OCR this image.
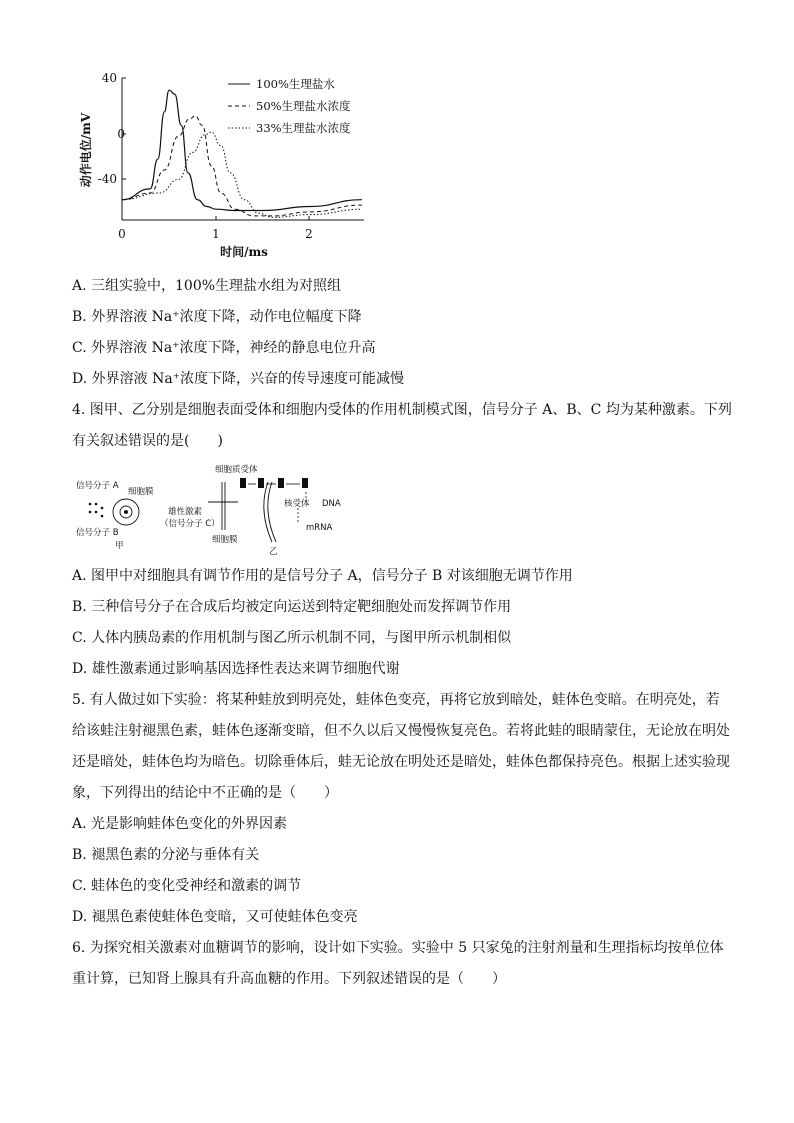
40
0
-40
0	1	2
时间/ms
动作电位/mV
100%生理盐水
50%生理盐水浓度
33%生理盐水浓度
A. 三组实验中，100%生理盐水组为对照组
B. 外界溶液 Na⁺浓度下降，动作电位幅度下降
C. 外界溶液 Na⁺浓度下降，神经的静息电位升高
D. 外界溶液 Na⁺浓度下降，兴奋的传导速度可能减慢
4. 图甲、乙分别是细胞表面受体和细胞内受体的作用机制模式图，信号分子 A、B、C 均为某种激素。下列
有关叙述错误的是(　　)
信号分子 A
细胞膜
信号分子 B
甲
细胞质受体
雄性激素
（信号分子 C）
细胞膜
核受体 DNA
mRNA
乙
A. 图甲中对细胞具有调节作用的是信号分子 A，信号分子 B 对该细胞无调节作用
B. 三种信号分子在合成后均被定向运送到特定靶细胞处而发挥调节作用
C. 人体内胰岛素的作用机制与图乙所示机制不同，与图甲所示机制相似
D. 雄性激素通过影响基因选择性表达来调节细胞代谢
5. 有人做过如下实验：将某种蛙放到明亮处，蛙体色变亮，再将它放到暗处，蛙体色变暗。在明亮处，若给该蛙注射褪黑色素，蛙体色逐渐变暗，但不久以后又慢慢恢复亮色。若将此蛙的眼睛蒙住，无论放在明处还是暗处，蛙体色均为暗色。切除垂体后，蛙无论放在明处还是暗处，蛙体色都保持亮色。根据上述实验现象，下列得出的结论中不正确的是（　　）
A. 光是影响蛙体色变化的外界因素
B. 褪黑色素的分泌与垂体有关
C. 蛙体色的变化受神经和激素的调节
D. 褪黑色素使蛙体色变暗，又可使蛙体色变亮
6. 为探究相关激素对血糖调节的影响，设计如下实验。实验中 5 只家兔的注射剂量和生理指标均按单位体重计算，已知肾上腺具有升高血糖的作用。下列叙述错误的是（　　）
